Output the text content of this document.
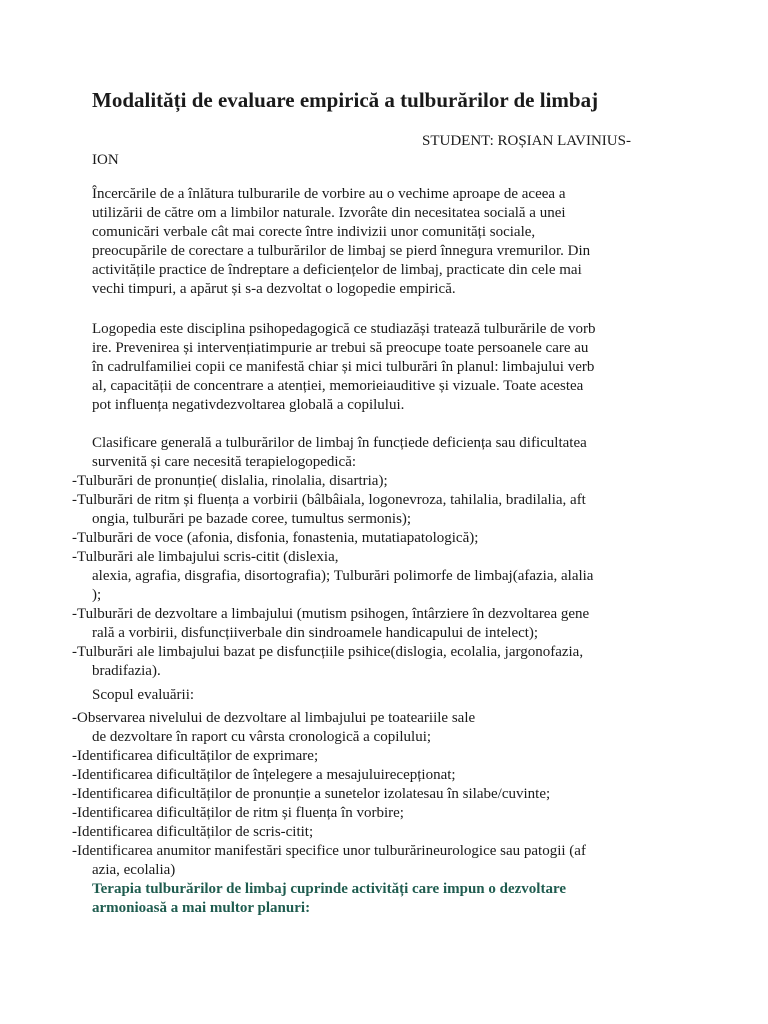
Modalități de evaluare empirică a tulburărilor de limbaj
STUDENT: ROȘIAN LAVINIUS-
ION
Încercările de a înlătura tulburarile de vorbire au o vechime aproape de aceea a
utilizării de către om a limbilor naturale. Izvorâte din necesitatea socială a unei
comunicări verbale cât mai corecte între indivizii unor comunități sociale,
preocupările de corectare a tulburărilor de limbaj se pierd înnegura vremurilor. Din
activitățile practice de îndreptare a deficiențelor de limbaj, practicate din cele mai
vechi timpuri, a apărut și s-a dezvoltat o logopedie empirică.
Logopedia este disciplina psihopedagogică ce studiazăși tratează tulburările de vorb
ire. Prevenirea și intervențiatimpurie ar trebui să preocupe toate persoanele care au
în cadrulfamiliei copii ce manifestă chiar și mici tulburări în planul: limbajului verb
al, capacității de concentrare a atenției, memorieiauditive și vizuale. Toate acestea
pot influența negativdezvoltarea globală a copilului.
Clasificare generală a tulburărilor de limbaj în funcțiede deficiența sau dificultatea
survenită și care necesită terapielogopedică:
-Tulburări de pronunție( dislalia, rinolalia, disartria);
-Tulburări de ritm și fluența a vorbirii (bâlbâiala, logonevroza, tahilalia, bradilalia, aft
ongia, tulburări pe bazade coree, tumultus sermonis);
-Tulburări de voce (afonia, disfonia, fonastenia, mutatiapatologică);
-Tulburări ale limbajului scris-citit (dislexia,
alexia, agrafia, disgrafia, disortografia); Tulburări polimorfe de limbaj(afazia, alalia
);
-Tulburări de dezvoltare a limbajului (mutism psihogen, întârziere în dezvoltarea gene
rală a vorbirii, disfuncțiiverbale din sindroamele handicapului de intelect);
-Tulburări ale limbajului bazat pe disfuncțiile psihice(dislogia, ecolalia, jargonofazia,
bradifazia).
Scopul evaluării:
-Observarea nivelului de dezvoltare al limbajului pe toateariile sale
de dezvoltare în raport cu vârsta cronologică a copilului;
-Identificarea dificultăților de exprimare;
-Identificarea dificultăților de înțelegere a mesajuluirecepționat;
-Identificarea dificultăților de pronunție a sunetelor izolatesau în silabe/cuvinte;
-Identificarea dificultăților de ritm și fluența în vorbire;
-Identificarea dificultăților de scris-citit;
-Identificarea anumitor manifestări specifice unor tulburărineurologice sau patogii (af
azia, ecolalia)
Terapia tulburărilor de limbaj cuprinde activități care impun o dezvoltare
armonioasă a mai multor planuri:
